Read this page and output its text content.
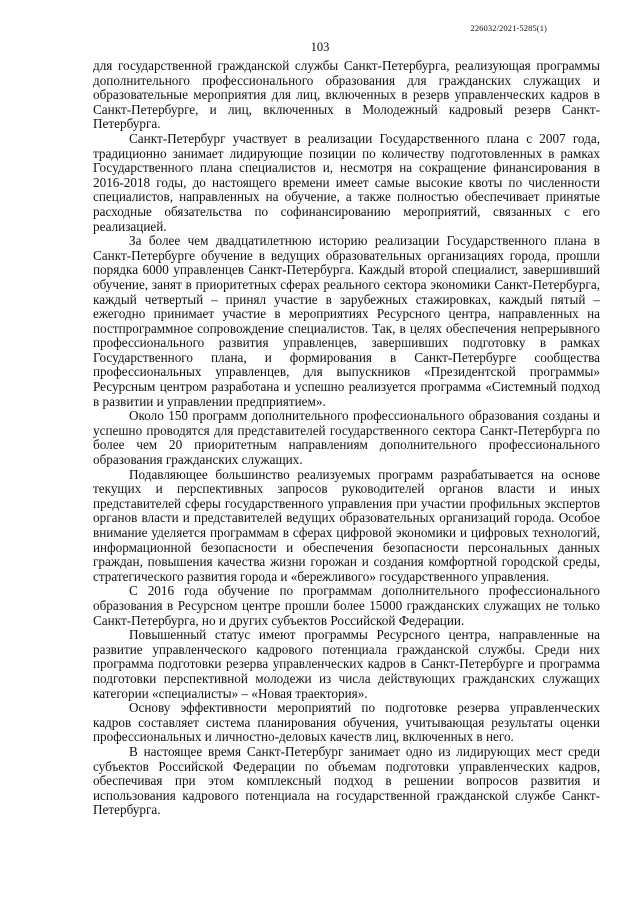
226032/2021-5285(1)
103

для государственной гражданской службы Санкт-Петербурга, реализующая программы дополнительного профессионального образования для гражданских служащих и образовательные мероприятия для лиц, включенных в резерв управленческих кадров в Санкт-Петербурге, и лиц, включенных в Молодежный кадровый резерв Санкт-Петербурга.

Санкт-Петербург участвует в реализации Государственного плана с 2007 года, традиционно занимает лидирующие позиции по количеству подготовленных в рамках Государственного плана специалистов и, несмотря на сокращение финансирования в 2016-2018 годы, до настоящего времени имеет самые высокие квоты по численности специалистов, направленных на обучение, а также полностью обеспечивает принятые расходные обязательства по софинансированию мероприятий, связанных с его реализацией.

За более чем двадцатилетнюю историю реализации Государственного плана в Санкт-Петербурге обучение в ведущих образовательных организациях города, прошли порядка 6000 управленцев Санкт-Петербурга. Каждый второй специалист, завершивший обучение, занят в приоритетных сферах реального сектора экономики Санкт-Петербурга, каждый четвертый – принял участие в зарубежных стажировках, каждый пятый – ежегодно принимает участие в мероприятиях Ресурсного центра, направленных на постпрограммное сопровождение специалистов. Так, в целях обеспечения непрерывного профессионального развития управленцев, завершивших подготовку в рамках Государственного плана, и формирования в Санкт-Петербурге сообщества профессиональных управленцев, для выпускников «Президентской программы» Ресурсным центром разработана и успешно реализуется программа «Системный подход в развитии и управлении предприятием».

Около 150 программ дополнительного профессионального образования созданы и успешно проводятся для представителей государственного сектора Санкт-Петербурга по более чем 20 приоритетным направлениям дополнительного профессионального образования гражданских служащих.

Подавляющее большинство реализуемых программ разрабатывается на основе текущих и перспективных запросов руководителей органов власти и иных представителей сферы государственного управления при участии профильных экспертов органов власти и представителей ведущих образовательных организаций города. Особое внимание уделяется программам в сферах цифровой экономики и цифровых технологий, информационной безопасности и обеспечения безопасности персональных данных граждан, повышения качества жизни горожан и создания комфортной городской среды, стратегического развития города и «бережливого» государственного управления.

С 2016 года обучение по программам дополнительного профессионального образования в Ресурсном центре прошли более 15000 гражданских служащих не только Санкт-Петербурга, но и других субъектов Российской Федерации.

Повышенный статус имеют программы Ресурсного центра, направленные на развитие управленческого кадрового потенциала гражданской службы. Среди них программа подготовки резерва управленческих кадров в Санкт-Петербурге и программа подготовки перспективной молодежи из числа действующих гражданских служащих категории «специалисты» – «Новая траектория».

Основу эффективности мероприятий по подготовке резерва управленческих кадров составляет система планирования обучения, учитывающая результаты оценки профессиональных и личностно-деловых качеств лиц, включенных в него.

В настоящее время Санкт-Петербург занимает одно из лидирующих мест среди субъектов Российской Федерации по объемам подготовки управленческих кадров, обеспечивая при этом комплексный подход в решении вопросов развития и использования кадрового потенциала на государственной гражданской службе Санкт-Петербурга.
